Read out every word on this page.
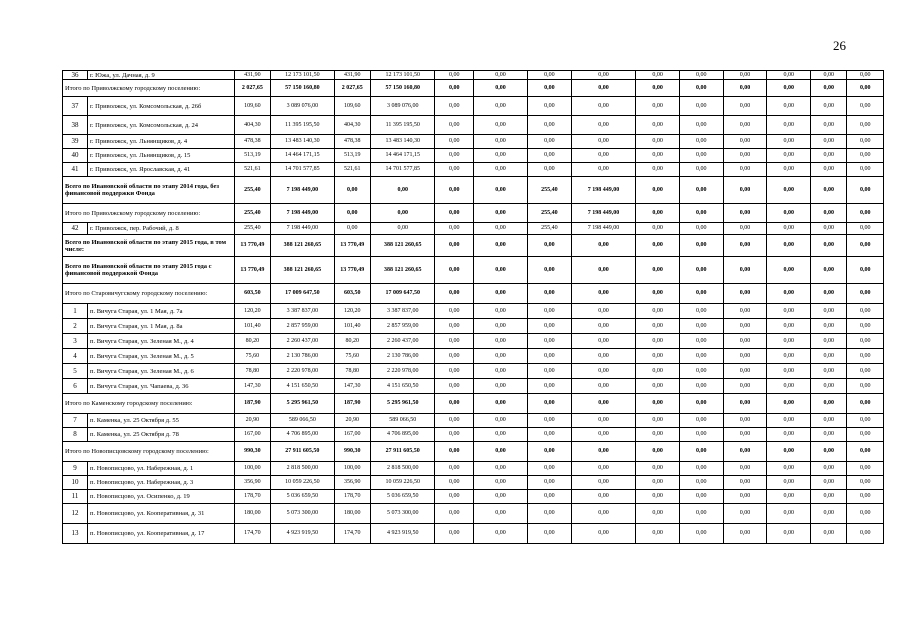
26
36	г. Южа, ул. Дачная, д. 9	431,90	12 173 101,50	431,90	12 173 101,50	0,00	0,00	0,00	0,00	0,00	0,00	0,00	0,00	0,00	0,00
Итого по Приволжскому городскому поселению:		2 027,65	57 150 160,80	2 027,65	57 150 160,80	0,00	0,00	0,00	0,00	0,00	0,00	0,00	0,00	0,00	0,00
37	г. Приволжск, ул. Комсомольская, д. 26б	109,60	3 089 076,00	109,60	3 089 076,00	0,00	0,00	0,00	0,00	0,00	0,00	0,00	0,00	0,00	0,00
38	г. Приволжск, ул. Комсомольская, д. 24	404,30	11 395 195,50	404,30	11 395 195,50	0,00	0,00	0,00	0,00	0,00	0,00	0,00	0,00	0,00	0,00
39	г. Приволжск, ул. Льнянщиков, д. 4	478,38	13 483 140,30	478,38	13 483 140,30	0,00	0,00	0,00	0,00	0,00	0,00	0,00	0,00	0,00	0,00
40	г. Приволжск, ул. Льнянщиков, д. 15	513,19	14 464 171,15	513,19	14 464 171,15	0,00	0,00	0,00	0,00	0,00	0,00	0,00	0,00	0,00	0,00
41	г. Приволжск, ул. Ярославская, д. 41	521,61	14 701 577,85	521,61	14 701 577,85	0,00	0,00	0,00	0,00	0,00	0,00	0,00	0,00	0,00	0,00
Всего по Ивановской области по этапу 2014 года, без финансовой поддержки Фонда		255,40	7 198 449,00	0,00	0,00	0,00	0,00	255,40	7 198 449,00	0,00	0,00	0,00	0,00	0,00	0,00
Итого по Приволжскому городскому поселению:		255,40	7 198 449,00	0,00	0,00	0,00	0,00	255,40	7 198 449,00	0,00	0,00	0,00	0,00	0,00	0,00
42	г. Приволжск, пер. Рабочий, д. 8	255,40	7 198 449,00	0,00	0,00	0,00	0,00	255,40	7 198 449,00	0,00	0,00	0,00	0,00	0,00	0,00
Всего по Ивановской области по этапу 2015 года, в том числе:		13 770,49	388 121 260,65	13 770,49	388 121 260,65	0,00	0,00	0,00	0,00	0,00	0,00	0,00	0,00	0,00	0,00
Всего по Ивановской области по этапу 2015 года с финансовой поддержкой Фонда		13 770,49	388 121 260,65	13 770,49	388 121 260,65	0,00	0,00	0,00	0,00	0,00	0,00	0,00	0,00	0,00	0,00
Итого по Старовичугскому городскому поселению:		603,50	17 009 647,50	603,50	17 009 647,50	0,00	0,00	0,00	0,00	0,00	0,00	0,00	0,00	0,00	0,00
1	п. Вичуга Старая, ул. 1 Мая, д. 7а	120,20	3 387 837,00	120,20	3 387 837,00	0,00	0,00	0,00	0,00	0,00	0,00	0,00	0,00	0,00	0,00
2	п. Вичуга Старая, ул. 1 Мая, д. 8а	101,40	2 857 959,00	101,40	2 857 959,00	0,00	0,00	0,00	0,00	0,00	0,00	0,00	0,00	0,00	0,00
3	п. Вичуга Старая, ул. Зеленая М., д. 4	80,20	2 260 437,00	80,20	2 260 437,00	0,00	0,00	0,00	0,00	0,00	0,00	0,00	0,00	0,00	0,00
4	п. Вичуга Старая, ул. Зеленая М., д. 5	75,60	2 130 786,00	75,60	2 130 786,00	0,00	0,00	0,00	0,00	0,00	0,00	0,00	0,00	0,00	0,00
5	п. Вичуга Старая, ул. Зеленая М., д. 6	78,80	2 220 978,00	78,80	2 220 978,00	0,00	0,00	0,00	0,00	0,00	0,00	0,00	0,00	0,00	0,00
6	п. Вичуга Старая, ул. Чапаева, д. 36	147,30	4 151 650,50	147,30	4 151 650,50	0,00	0,00	0,00	0,00	0,00	0,00	0,00	0,00	0,00	0,00
Итого по Каменскому городскому поселению:		187,90	5 295 961,50	187,90	5 295 961,50	0,00	0,00	0,00	0,00	0,00	0,00	0,00	0,00	0,00	0,00
7	п. Каменка, ул. 25 Октября д. 55	20,90	589 066,50	20,90	589 066,50	0,00	0,00	0,00	0,00	0,00	0,00	0,00	0,00	0,00	0,00
8	п. Каменка, ул. 25 Октября д. 78	167,00	4 706 895,00	167,00	4 706 895,00	0,00	0,00	0,00	0,00	0,00	0,00	0,00	0,00	0,00	0,00
Итого по Новописцовскому городскому поселению:		990,30	27 911 605,50	990,30	27 911 605,50	0,00	0,00	0,00	0,00	0,00	0,00	0,00	0,00	0,00	0,00
9	п. Новописцово, ул. Набережная, д. 1	100,00	2 818 500,00	100,00	2 818 500,00	0,00	0,00	0,00	0,00	0,00	0,00	0,00	0,00	0,00	0,00
10	п. Новописцово, ул. Набережная, д. 3	356,90	10 059 226,50	356,90	10 059 226,50	0,00	0,00	0,00	0,00	0,00	0,00	0,00	0,00	0,00	0,00
11	п. Новописцово, ул. Осипенко, д. 19	178,70	5 036 659,50	178,70	5 036 659,50	0,00	0,00	0,00	0,00	0,00	0,00	0,00	0,00	0,00	0,00
12	п. Новописцово, ул. Кооперативная, д. 31	180,00	5 073 300,00	180,00	5 073 300,00	0,00	0,00	0,00	0,00	0,00	0,00	0,00	0,00	0,00	0,00
13	п. Новописцово, ул. Кооперативная, д. 17	174,70	4 923 919,50	174,70	4 923 919,50	0,00	0,00	0,00	0,00	0,00	0,00	0,00	0,00	0,00	0,00
